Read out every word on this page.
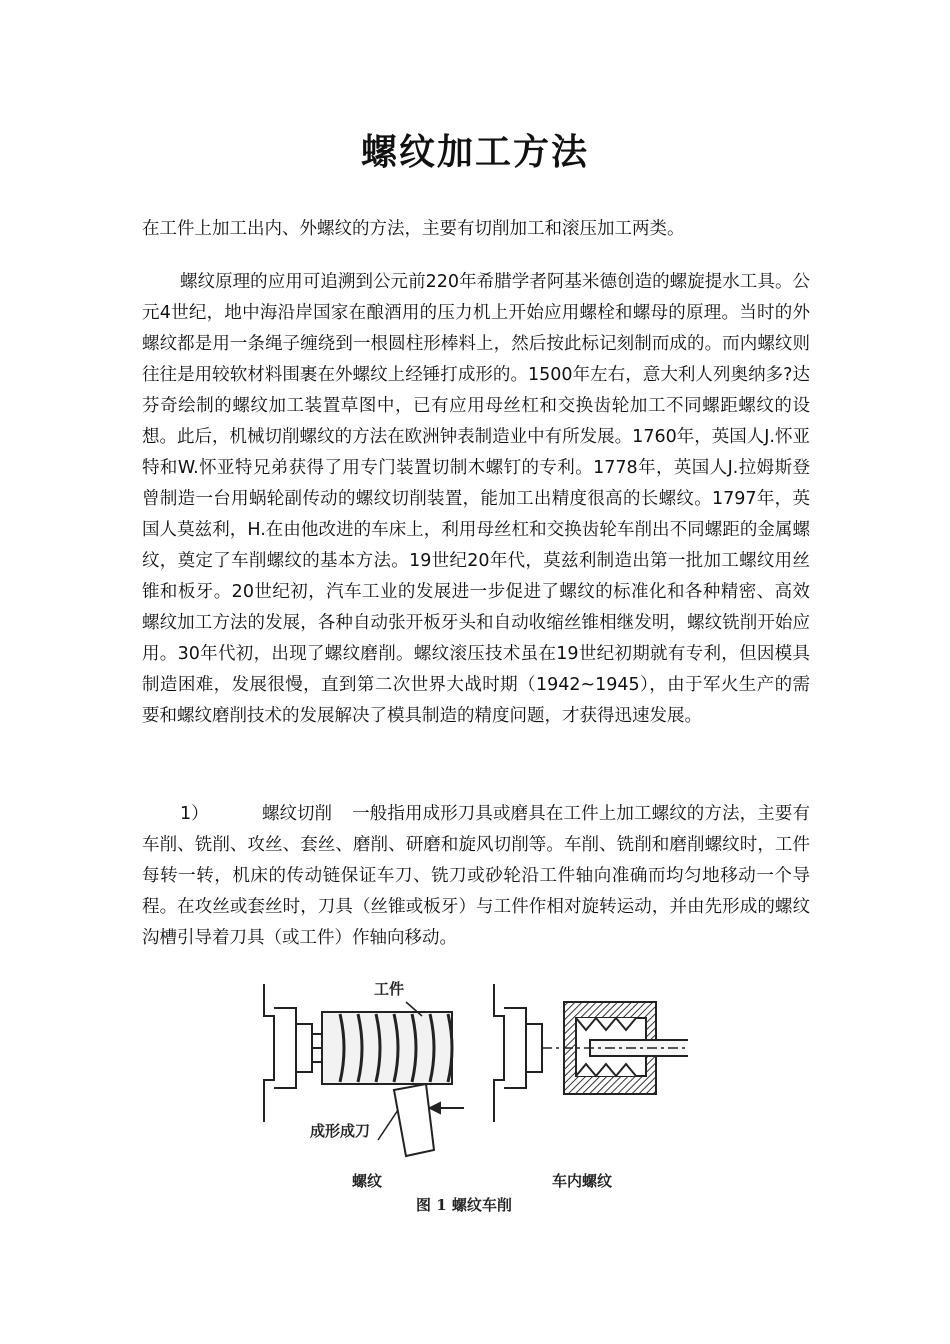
螺纹加工方法

在工件上加工出内、外螺纹的方法，主要有切削加工和滚压加工两类。

螺纹原理的应用可追溯到公元前220年希腊学者阿基米德创造的螺旋提水工具。公元4世纪，地中海沿岸国家在酿酒用的压力机上开始应用螺栓和螺母的原理。当时的外螺纹都是用一条绳子缠绕到一根圆柱形棒料上，然后按此标记刻制而成的。而内螺纹则往往是用较软材料围裹在外螺纹上经锤打成形的。1500年左右，意大利人列奥纳多?达芬奇绘制的螺纹加工装置草图中，已有应用母丝杠和交换齿轮加工不同螺距螺纹的设想。此后，机械切削螺纹的方法在欧洲钟表制造业中有所发展。1760年，英国人J.怀亚特和W.怀亚特兄弟获得了用专门装置切制木螺钉的专利。1778年，英国人J.拉姆斯登曾制造一台用蜗轮副传动的螺纹切削装置，能加工出精度很高的长螺纹。1797年，英国人莫兹利，H.在由他改进的车床上，利用母丝杠和交换齿轮车削出不同螺距的金属螺纹，奠定了车削螺纹的基本方法。19世纪20年代，莫兹利制造出第一批加工螺纹用丝锥和板牙。20世纪初，汽车工业的发展进一步促进了螺纹的标准化和各种精密、高效螺纹加工方法的发展，各种自动张开板牙头和自动收缩丝锥相继发明，螺纹铣削开始应用。30年代初，出现了螺纹磨削。螺纹滚压技术虽在19世纪初期就有专利，但因模具制造困难，发展很慢，直到第二次世界大战时期（1942~1945），由于军火生产的需要和螺纹磨削技术的发展解决了模具制造的精度问题，才获得迅速发展。

1）	螺纹切削 一般指用成形刀具或磨具在工件上加工螺纹的方法，主要有车削、铣削、攻丝、套丝、磨削、研磨和旋风切削等。车削、铣削和磨削螺纹时，工件每转一转，机床的传动链保证车刀、铣刀或砂轮沿工件轴向准确而均匀地移动一个导程。在攻丝或套丝时，刀具（丝锥或板牙）与工件作相对旋转运动，并由先形成的螺纹沟槽引导着刀具（或工件）作轴向移动。

工件
成形成刀
螺纹	车内螺纹
图 1 螺纹车削
